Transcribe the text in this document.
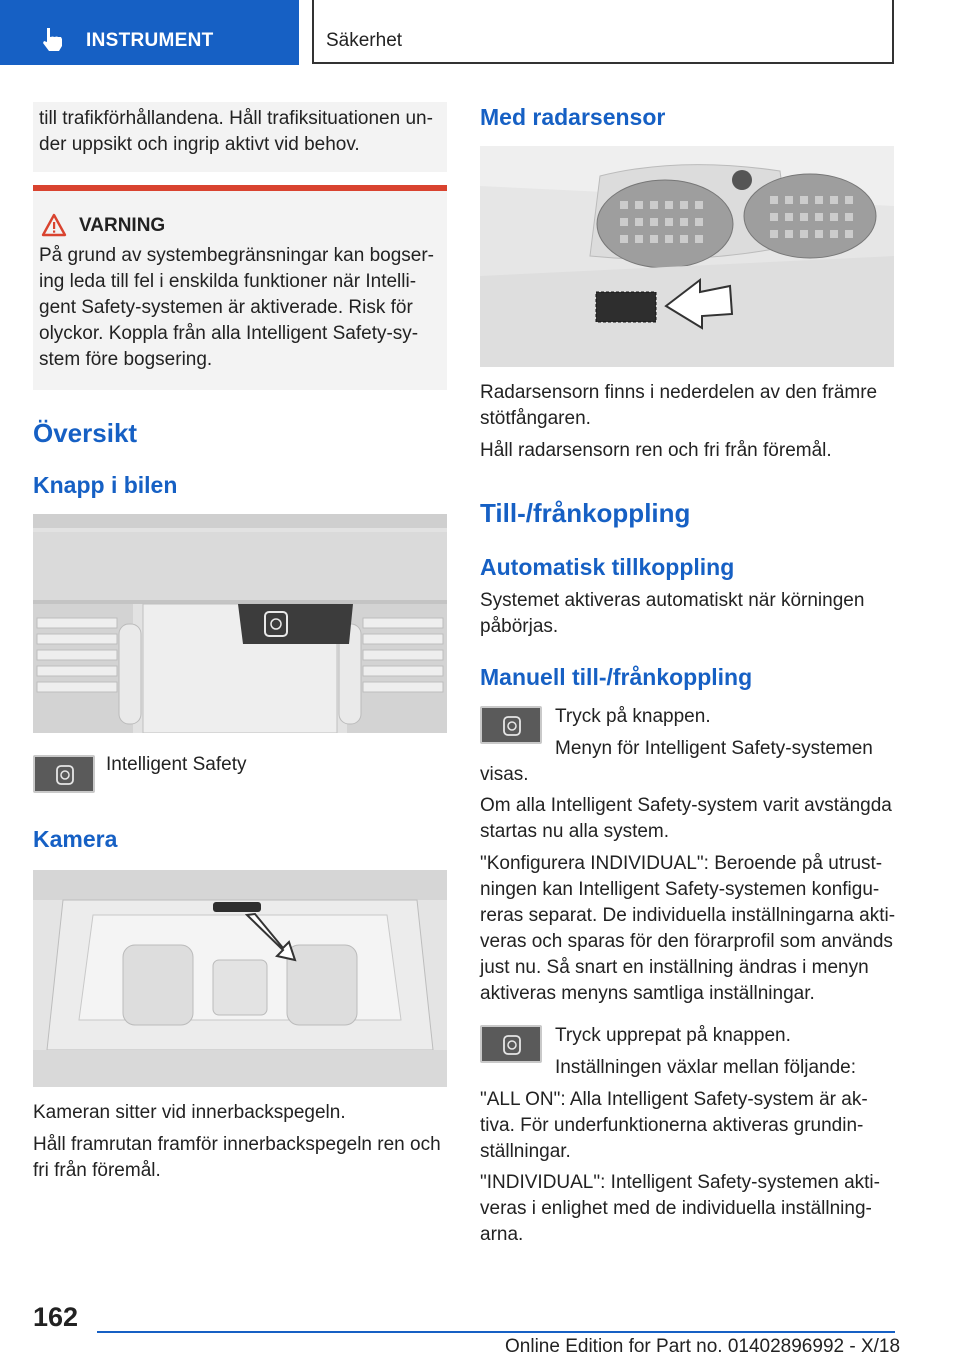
INSTRUMENT	Säkerhet

till trafikförhållandena. Håll trafiksituationen un-

der uppsikt och ingrip aktivt vid behov.

VARNING

På grund av systembegränsningar kan bogser-

ing leda till fel i enskilda funktioner när Intelli-

gent Safety-systemen är aktiverade. Risk för

olyckor. Koppla från alla Intelligent Safety-sy-

stem före bogsering.

Översikt
Knapp i bilen

Intelligent Safety

Kamera

Kameran sitter vid innerbackspegeln.

Håll framrutan framför innerbackspegeln ren och

fri från föremål.

Med radarsensor

Radarsensorn finns i nederdelen av den främre

stötfångaren.

Håll radarsensorn ren och fri från föremål.

Till-/frånkoppling
Automatisk tillkoppling

Systemet aktiveras automatiskt när körningen

påbörjas.

Manuell till-/frånkoppling

Tryck på knappen.

Menyn för Intelligent Safety-systemen

visas.

Om alla Intelligent Safety-system varit avstängda

startas nu alla system.

"Konfigurera INDIVIDUAL": Beroende på utrust-

ningen kan Intelligent Safety-systemen konfigu-

reras separat. De individuella inställningarna akti-

veras och sparas för den förarprofil som används

just nu. Så snart en inställning ändras i menyn

aktiveras menyns samtliga inställningar.

Tryck upprepat på knappen.

Inställningen växlar mellan följande:

"ALL ON": Alla Intelligent Safety-system är ak-

tiva. För underfunktionerna aktiveras grundin-

ställningar.

"INDIVIDUAL": Intelligent Safety-systemen akti-

veras i enlighet med de individuella inställning-

arna.

162
Online Edition for Part no. 01402896992 - X/18
